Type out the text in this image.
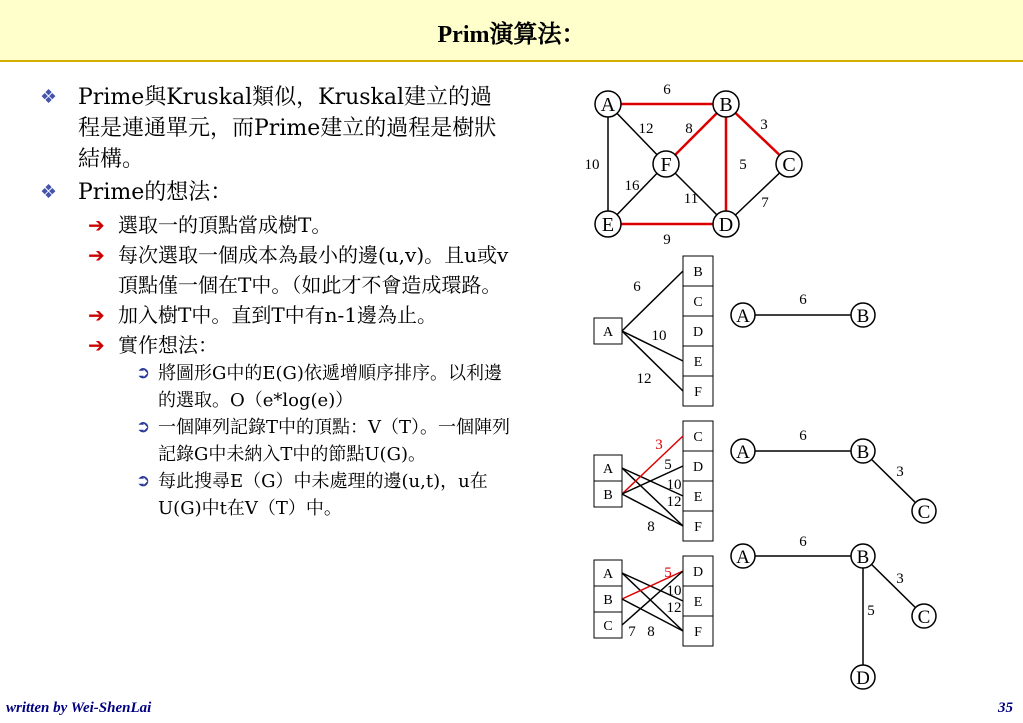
Prim演算法：
❖ Prime與Kruskal類似，Kruskal建立的過程是連通單元，而Prime建立的過程是樹狀結構。
❖ Prime的想法：
➔ 選取一的頂點當成樹T。
➔ 每次選取一個成本為最小的邊(u,v)。且u或v頂點僅一個在T中。（如此才不會造成環路。
➔ 加入樹T中。直到T中有n-1邊為止。
➔ 實作想法：
➲ 將圖形G中的E(G)依遞增順序排序。以利邊的選取。O（e*log(e)）
➲ 一個陣列記錄T中的頂點：V（T）。一個陣列記錄G中未納入T中的節點U(G)。
➲ 每此搜尋E（G）中未處理的邊(u,t)，u在U(G)中t在V（T）中。
6
12
10
8	3
5
7
16
11
9
A	B
F	C
E	D
A
B
C
D
E
F
6
10
12
6
A	B
A
B
C
D
E
F
3
5
10
12
8
6
3
A	B
C
A
B
C
D
E
F
5
10
12
7 8
6
3
5
A	B
C
D
written by Wei-ShenLai	35
